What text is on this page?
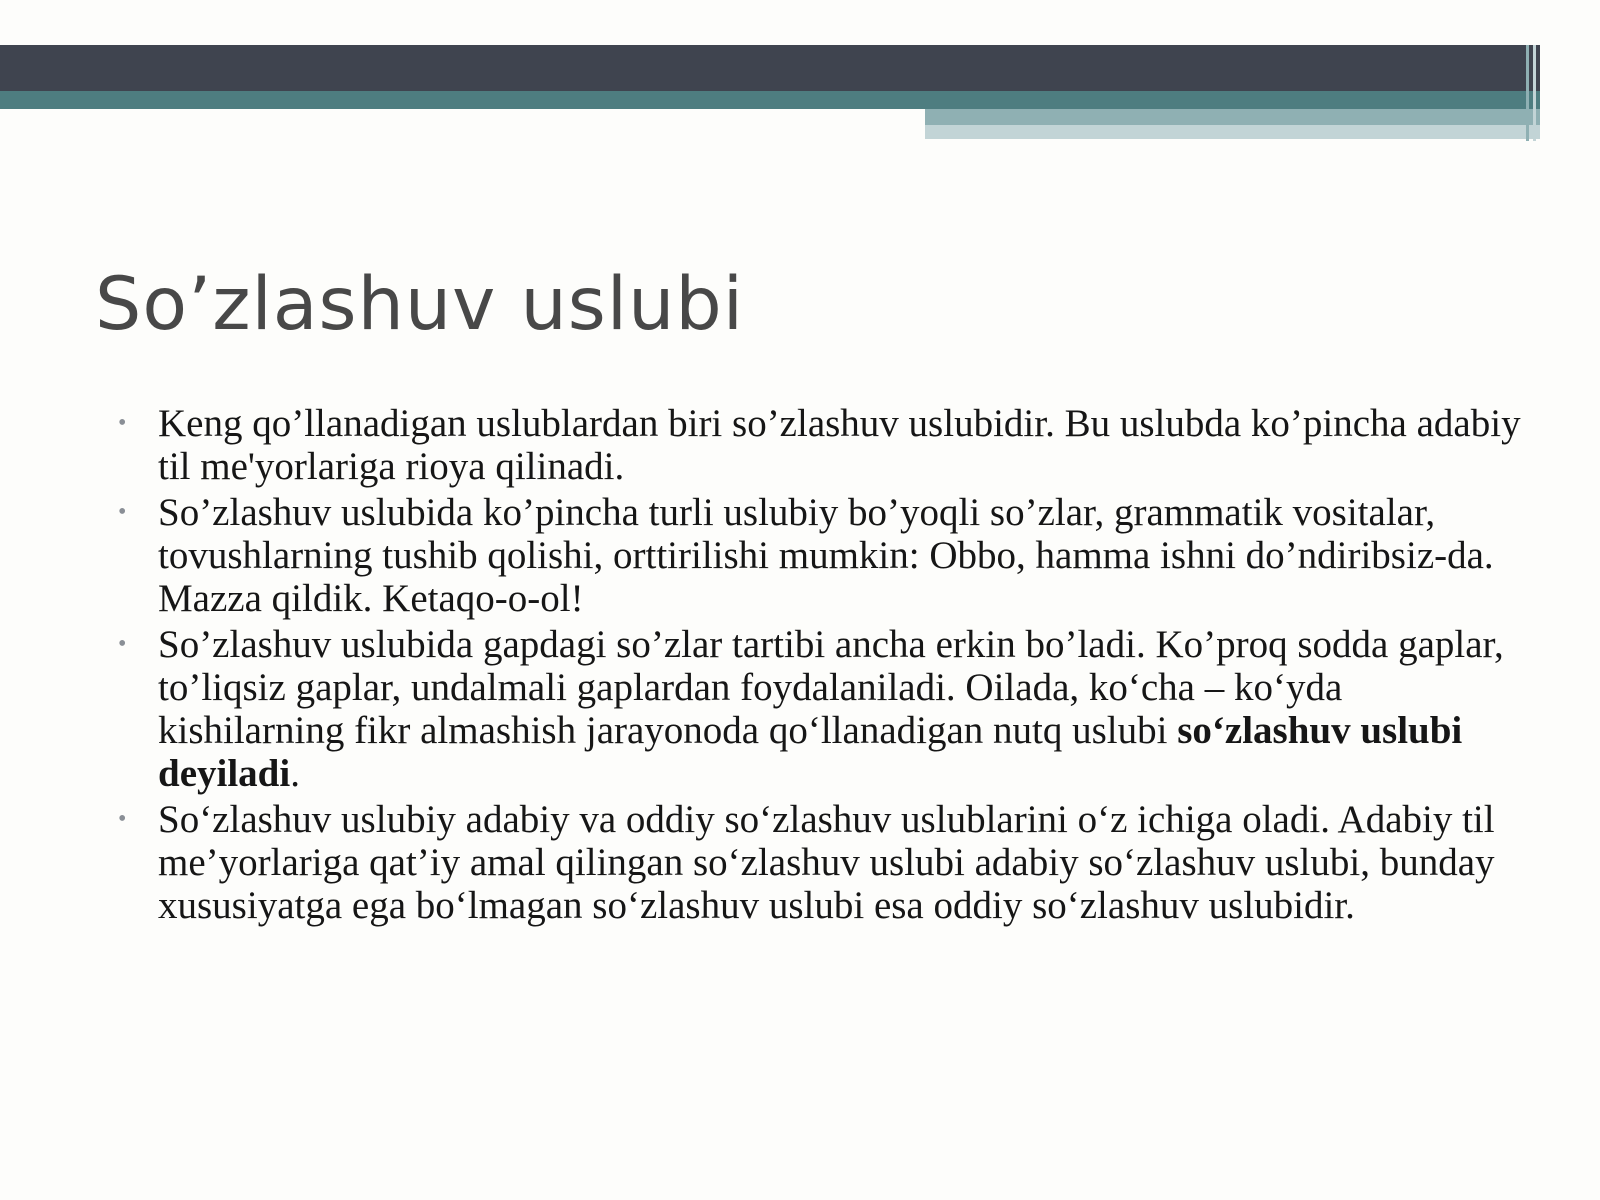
So’zlashuv uslubi
• Keng qo’llanadigan uslublardan biri so’zlashuv uslubidir. Bu uslubda ko’pincha adabiy til me'yorlariga rioya qilinadi.
• So’zlashuv uslubida ko’pincha turli uslubiy bo’yoqli so’zlar, grammatik vositalar, tovushlarning tushib qolishi, orttirilishi mumkin: Obbo, hamma ishni do’ndiribsiz-da. Mazza qildik. Ketaqo-o-ol!
• So’zlashuv uslubida gapdagi so’zlar tartibi ancha erkin bo’ladi. Ko’proq sodda gaplar, to’liqsiz gaplar, undalmali gaplardan foydalaniladi. Oilada, ko‘cha – ko‘yda kishilarning fikr almashish jarayonoda qo‘llanadigan nutq uslubi so‘zlashuv uslubi deyiladi.
• So‘zlashuv uslubiy adabiy va oddiy so‘zlashuv uslublarini o‘z ichiga oladi. Adabiy til me’yorlariga qat’iy amal qilingan so‘zlashuv uslubi adabiy so‘zlashuv uslubi, bunday xususiyatga ega bo‘lmagan so‘zlashuv uslubi esa oddiy so‘zlashuv uslubidir.
